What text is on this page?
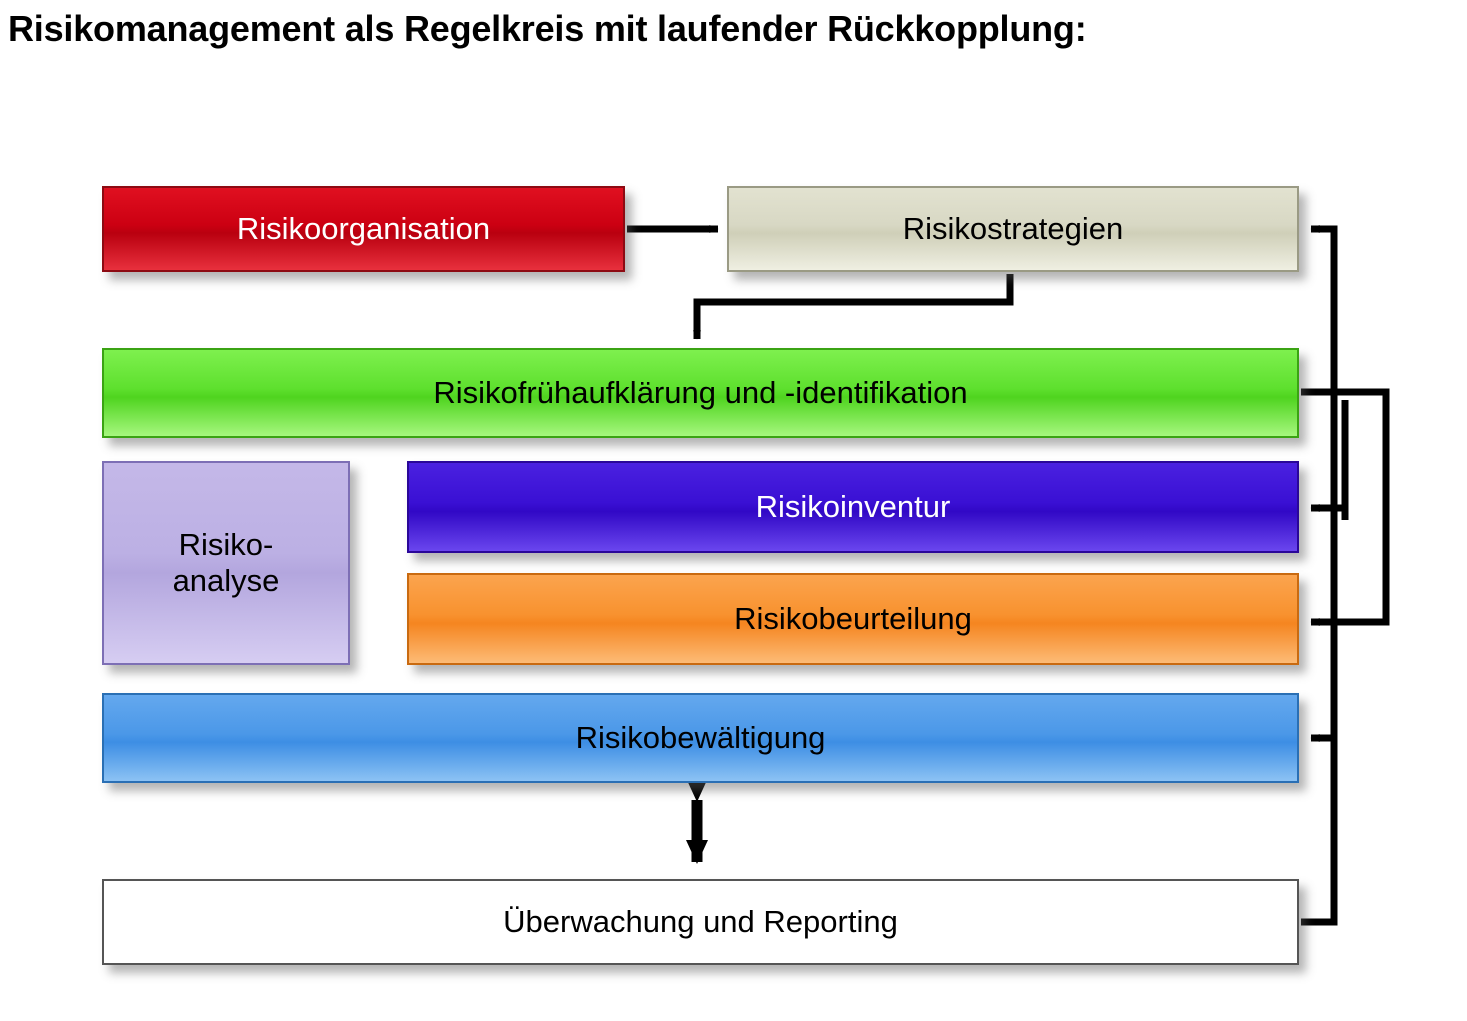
Risikomanagement als Regelkreis mit laufender Rückkopplung:
Risikoorganisation	Risikostrategien
Risikofrühaufklärung und -identifikation
Risiko-
analyse
Risikoinventur
Risikobeurteilung
Risikobewältigung
Überwachung und Reporting
